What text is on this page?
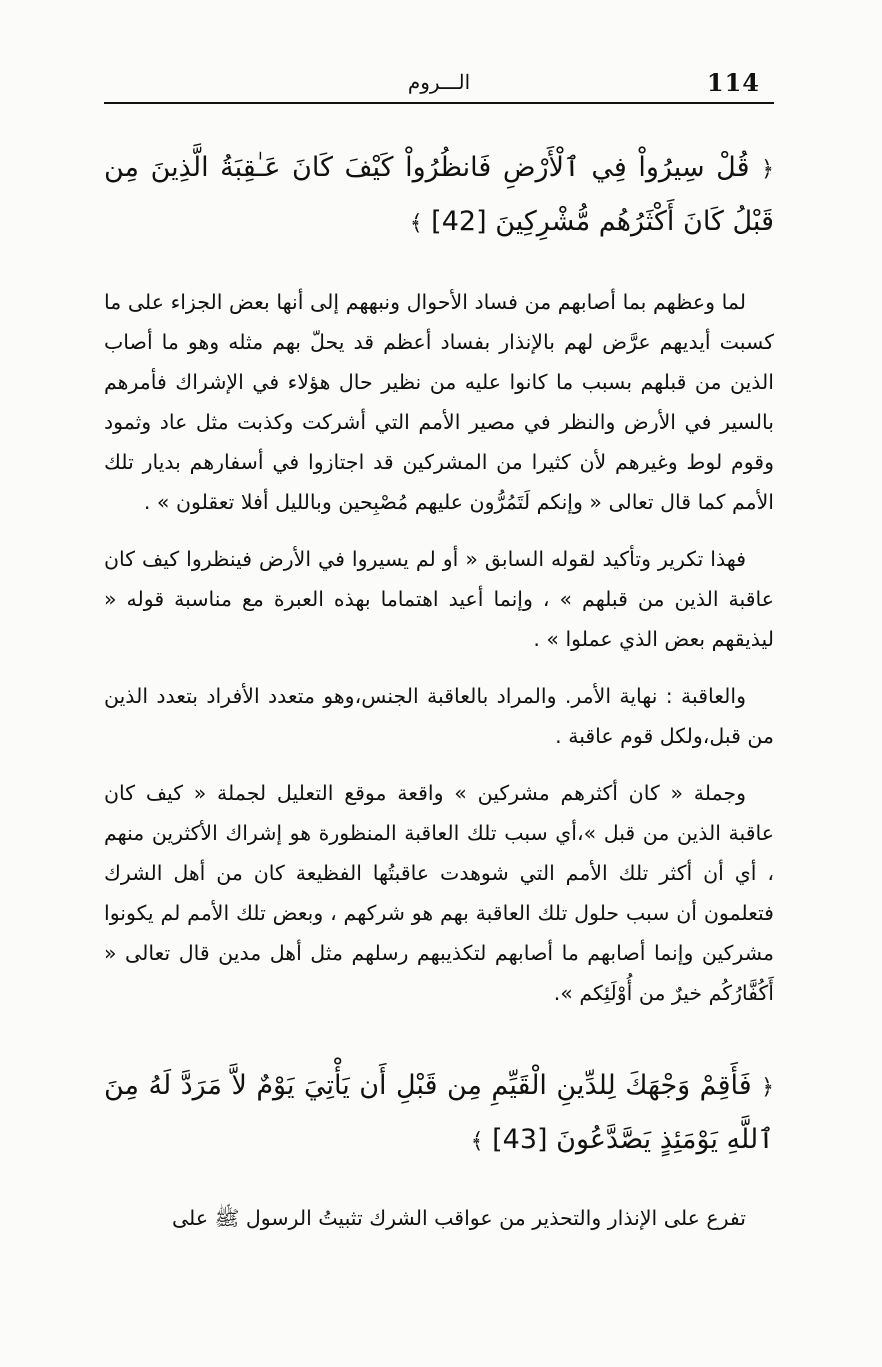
114
الـــروم
﴿ قُلْ سِيرُواْ فِي ٱلْأَرْضِ فَانظُرُواْ كَيْفَ كَانَ عَـٰقِبَةُ الَّذِينَ مِن قَبْلُ كَانَ أَكْثَرُهُم مُّشْرِكِينَ [42] ﴾

لما وعظهم بما أصابهم من فساد الأحوال ونبههم إلى أنها بعض الجزاء على ما كسبت أيديهم عرَّض لهم بالإنذار بفساد أعظم قد يحلّ بهم مثله وهو ما أصاب الذين من قبلهم بسبب ما كانوا عليه من نظير حال هؤلاء في الإشراك فأمرهم بالسير في الأرض والنظر في مصير الأمم التي أشركت وكذبت مثل عاد وثمود وقوم لوط وغيرهم لأن كثيرا من المشركين قد اجتازوا في أسفارهم بديار تلك الأمم كما قال تعالى « وإنكم لَتَمُرُّون عليهم مُصْبِحين وبالليل أفلا تعقلون » .

فهذا تكرير وتأكيد لقوله السابق « أو لم يسيروا في الأرض فينظروا كيف كان عاقبة الذين من قبلهم » ، وإنما أعيد اهتماما بهذه العبرة مع مناسبة قوله « ليذيقهم بعض الذي عملوا » .

والعاقبة : نهاية الأمر. والمراد بالعاقبة الجنس،وهو متعدد الأفراد بتعدد الذين من قبل،ولكل قوم عاقبة .

وجملة « كان أكثرهم مشركين » واقعة موقع التعليل لجملة « كيف كان عاقبة الذين من قبل »،أي سبب تلك العاقبة المنظورة هو إشراك الأكثرين منهم ، أي أن أكثر تلك الأمم التي شوهدت عاقبتُها الفظيعة كان من أهل الشرك فتعلمون أن سبب حلول تلك العاقبة بهم هو شركهم ، وبعض تلك الأمم لم يكونوا مشركين وإنما أصابهم ما أصابهم لتكذيبهم رسلهم مثل أهل مدين قال تعالى « أَكُفَّارُكُم خيرٌ من أُوْلَئِكم ».

﴿ فَأَقِمْ وَجْهَكَ لِلدِّينِ الْقَيِّمِ مِن قَبْلِ أَن يَأْتِيَ يَوْمٌ لاَّ مَرَدَّ لَهُ مِنَ ٱللَّهِ يَوْمَئِذٍ يَصَّدَّعُونَ [43] ﴾

تفرع على الإنذار والتحذير من عواقب الشرك تثبيتُ الرسول ﷺ على
